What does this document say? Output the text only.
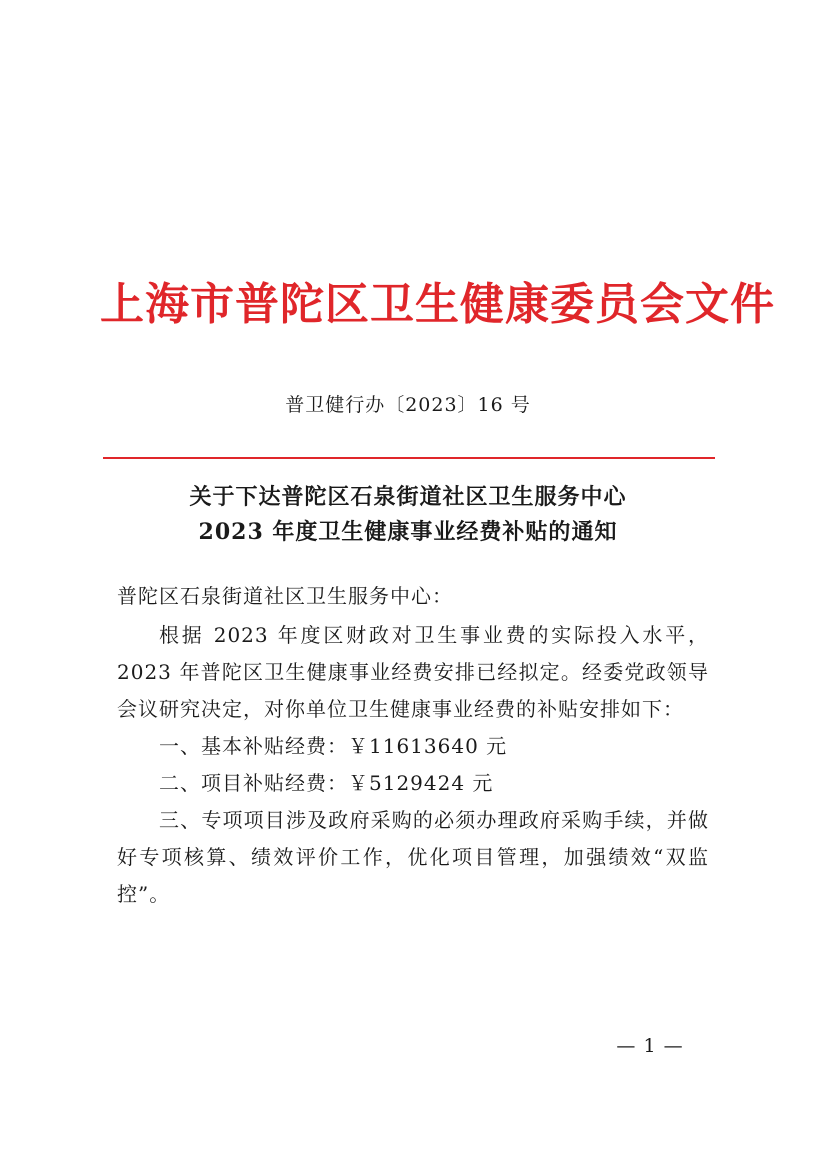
上海市普陀区卫生健康委员会文件
普卫健行办〔2023〕16 号
关于下达普陀区石泉街道社区卫生服务中心
2023 年度卫生健康事业经费补贴的通知

普陀区石泉街道社区卫生服务中心：

根据 2023 年度区财政对卫生事业费的实际投入水平，2023 年普陀区卫生健康事业经费安排已经拟定。经委党政领导会议研究决定，对你单位卫生健康事业经费的补贴安排如下：

一、基本补贴经费：￥11613640 元

二、项目补贴经费：￥5129424 元

三、专项项目涉及政府采购的必须办理政府采购手续，并做好专项核算、绩效评价工作，优化项目管理，加强绩效“双监控”。

— 1 —
